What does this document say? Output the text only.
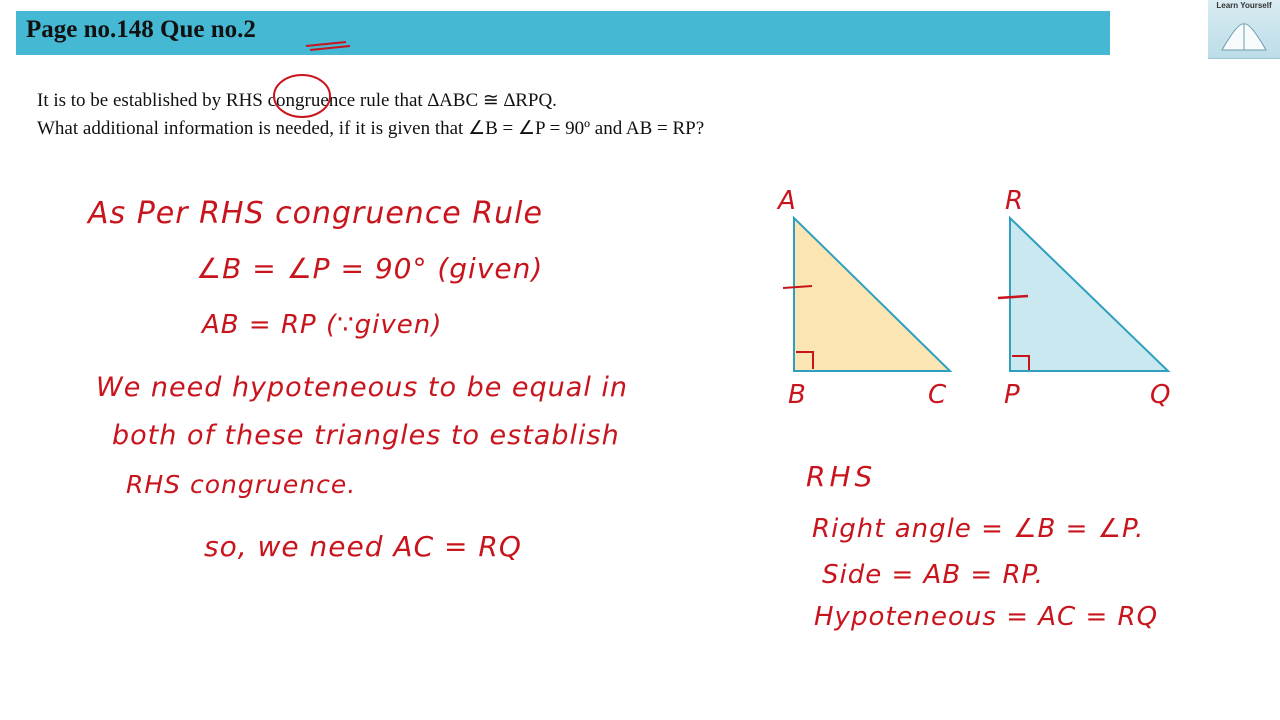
Page no.148 Que no.2
Learn Yourself
It is to be established by RHS congruence rule that ∆ABC ≅ ∆RPQ.
What additional information is needed, if it is given that ∠B = ∠P = 90º and AB = RP?
As Per RHS congruence Rule
∠B = ∠P = 90° (given)
AB = RP (∵given)
We need hypoteneous to be equal in
both of these triangles to establish
RHS congruence.
so, we need AC = RQ
A
B	C
R
P	Q
RHS
Right angle = ∠B = ∠P.
Side = AB = RP.
Hypoteneous = AC = RQ
